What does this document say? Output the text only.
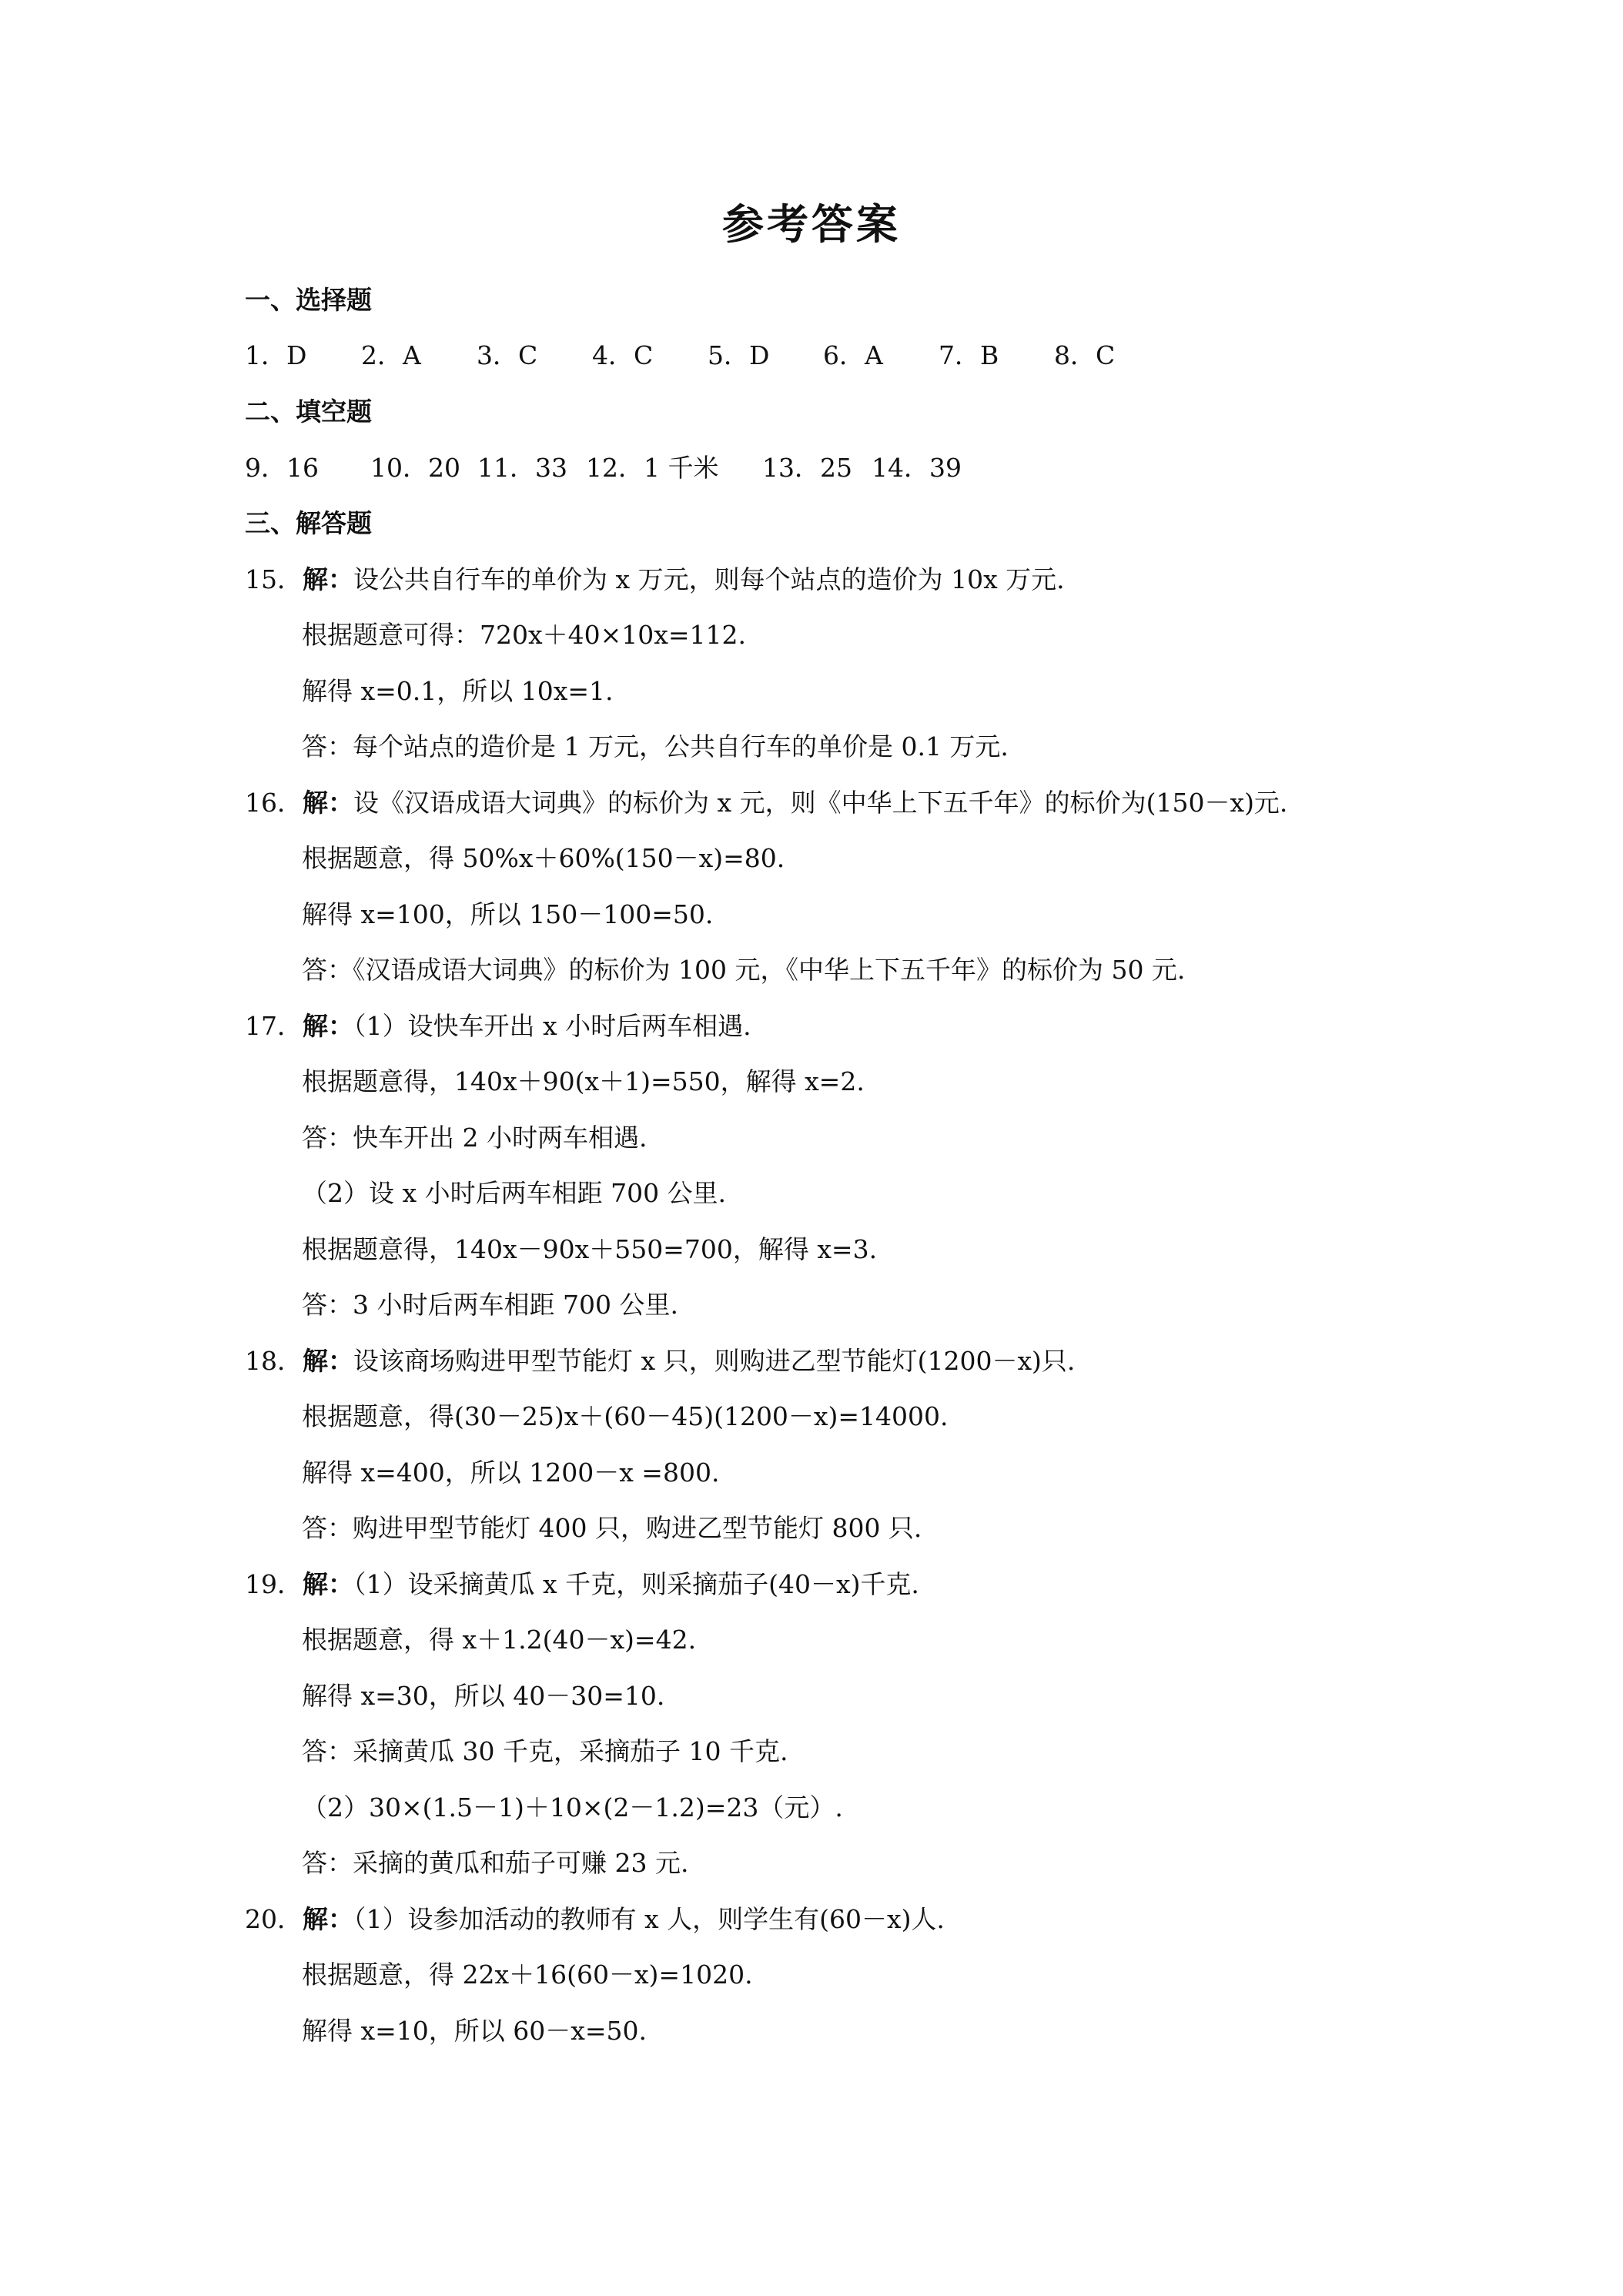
参考答案
一、选择题
1．D 2．A 3．C 4．C 5．D 6．A 7．B 8．C
二、填空题
9．16 10．20 11．33 12．1 千米 13．25 14．39
三、解答题
15．解：设公共自行车的单价为 x 万元，则每个站点的造价为 10x 万元.
根据题意可得：720x＋40×10x=112.
解得 x=0.1，所以 10x=1.
答：每个站点的造价是 1 万元，公共自行车的单价是 0.1 万元.
16．解：设《汉语成语大词典》的标价为 x 元，则《中华上下五千年》的标价为(150－x)元.
根据题意，得 50%x＋60%(150－x)=80.
解得 x=100，所以 150－100=50.
答：《汉语成语大词典》的标价为 100 元，《中华上下五千年》的标价为 50 元.
17．解：（1）设快车开出 x 小时后两车相遇.
根据题意得，140x＋90(x＋1)=550，解得 x=2.
答：快车开出 2 小时两车相遇.
（2）设 x 小时后两车相距 700 公里.
根据题意得，140x－90x＋550=700，解得 x=3.
答：3 小时后两车相距 700 公里.
18．解：设该商场购进甲型节能灯 x 只，则购进乙型节能灯(1200－x)只.
根据题意，得(30－25)x＋(60－45)(1200－x)=14000.
解得 x=400，所以 1200－x =800.
答：购进甲型节能灯 400 只，购进乙型节能灯 800 只.
19．解：（1）设采摘黄瓜 x 千克，则采摘茄子(40－x)千克.
根据题意，得 x＋1.2(40－x)=42.
解得 x=30，所以 40－30=10.
答：采摘黄瓜 30 千克，采摘茄子 10 千克.
（2）30×(1.5－1)＋10×(2－1.2)=23（元）.
答：采摘的黄瓜和茄子可赚 23 元.
20．解：（1）设参加活动的教师有 x 人，则学生有(60－x)人.
根据题意，得 22x＋16(60－x)=1020.
解得 x=10，所以 60－x=50.
